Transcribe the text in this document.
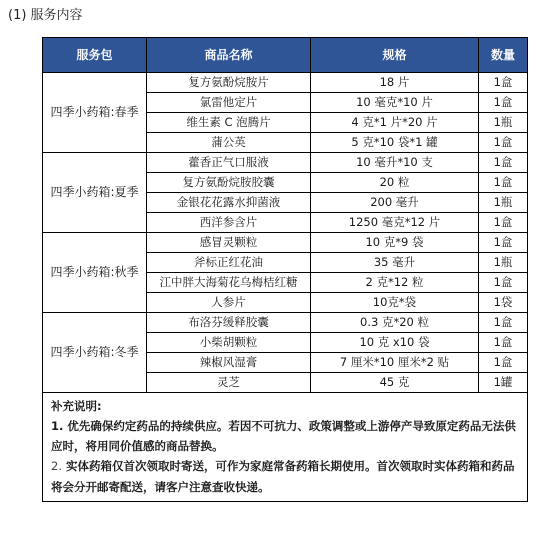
(1) 服务内容
服务包	商品名称	规格	数量
四季小药箱:春季	复方氨酚烷胺片	18 片	1盒
	氯雷他定片	10 毫克*10 片	1盒
	维生素 C 泡腾片	4 克*1 片*20 片	1瓶
	蒲公英	5 克*10 袋*1 罐	1盒
四季小药箱:夏季	藿香正气口服液	10 毫升*10 支	1盒
	复方氨酚烷胺胶囊	20 粒	1盒
	金银花花露水抑菌液	200 毫升	1瓶
	西洋参含片	1250 毫克*12 片	1盒
四季小药箱:秋季	感冒灵颗粒	10 克*9 袋	1盒
	斧标正红花油	35 毫升	1瓶
	江中胖大海菊花乌梅桔红糖	2 克*12 粒	1盒
	人参片	10克*袋	1袋
四季小药箱:冬季	布洛芬缓释胶囊	0.3 克*20 粒	1盒
	小柴胡颗粒	10 克 x10 袋	1盒
	辣椒风湿膏	7 厘米*10 厘米*2 贴	1盒
	灵芝	45 克	1罐

补充说明:
1. 优先确保约定药品的持续供应。若因不可抗力、政策调整或上游停产导致原定药品无法供应时，将用同价值感的商品替换。
2. 实体药箱仅首次领取时寄送，可作为家庭常备药箱长期使用。首次领取时实体药箱和药品将会分开邮寄配送，请客户注意查收快递。			
